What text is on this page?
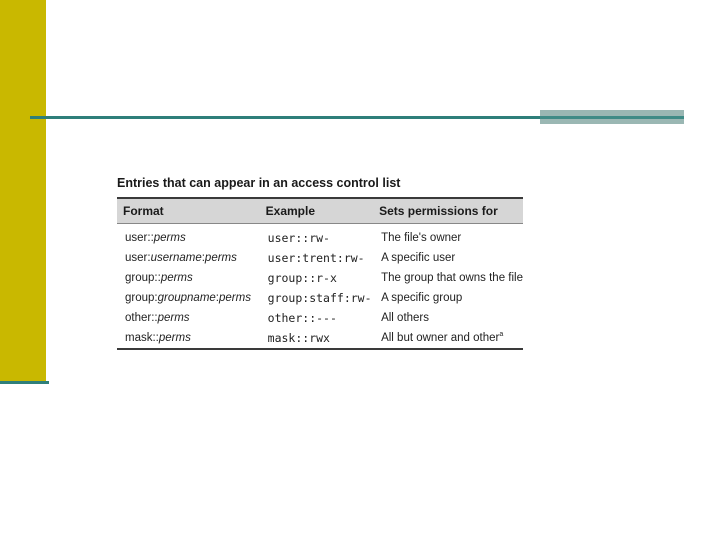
Entries that can appear in an access control list
Format	Example	Sets permissions for
user::perms	user::rw-	The file's owner
user:username:perms	user:trent:rw-	A specific user
group::perms	group::r-x	The group that owns the file
group:groupname:perms	group:staff:rw-	A specific group
other::perms	other::---	All others
mask::perms	mask::rwx	All but owner and other$^a$
